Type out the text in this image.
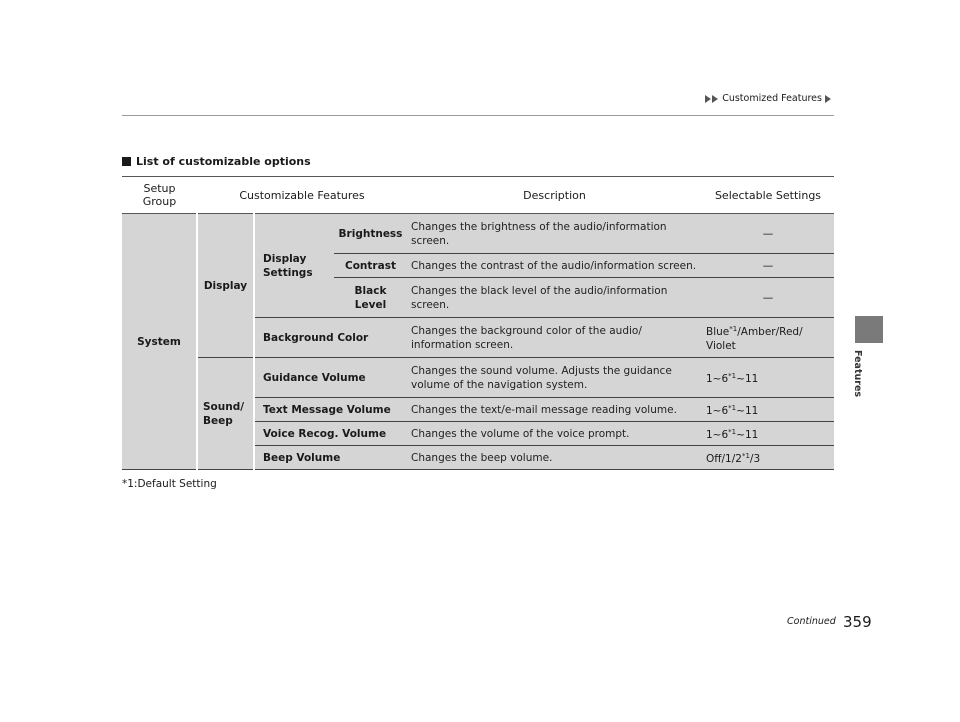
Customized Features
Features
List of customizable options
Setup Group	Customizable Features			Description	Selectable Settings
System	Display	Display Settings	Brightness	Changes the brightness of the audio/information screen.	—
			Contrast	Changes the contrast of the audio/information screen.	—
			Black Level	Changes the black level of the audio/information screen.	—
		Background Color		Changes the background color of the audio/ information screen.	Blue$^{*1}$/Amber/Red/ Violet
	Sound/ Beep	Guidance Volume		Changes the sound volume. Adjusts the guidance volume of the navigation system.	1~6$^{*1}$~11
		Text Message Volume		Changes the text/e-mail message reading volume.	1~6$^{*1}$~11
		Voice Recog. Volume		Changes the volume of the voice prompt.	1~6$^{*1}$~11
		Beep Volume		Changes the beep volume.	Off/1/2$^{*1}$/3
*1:Default Setting
Continued 359
